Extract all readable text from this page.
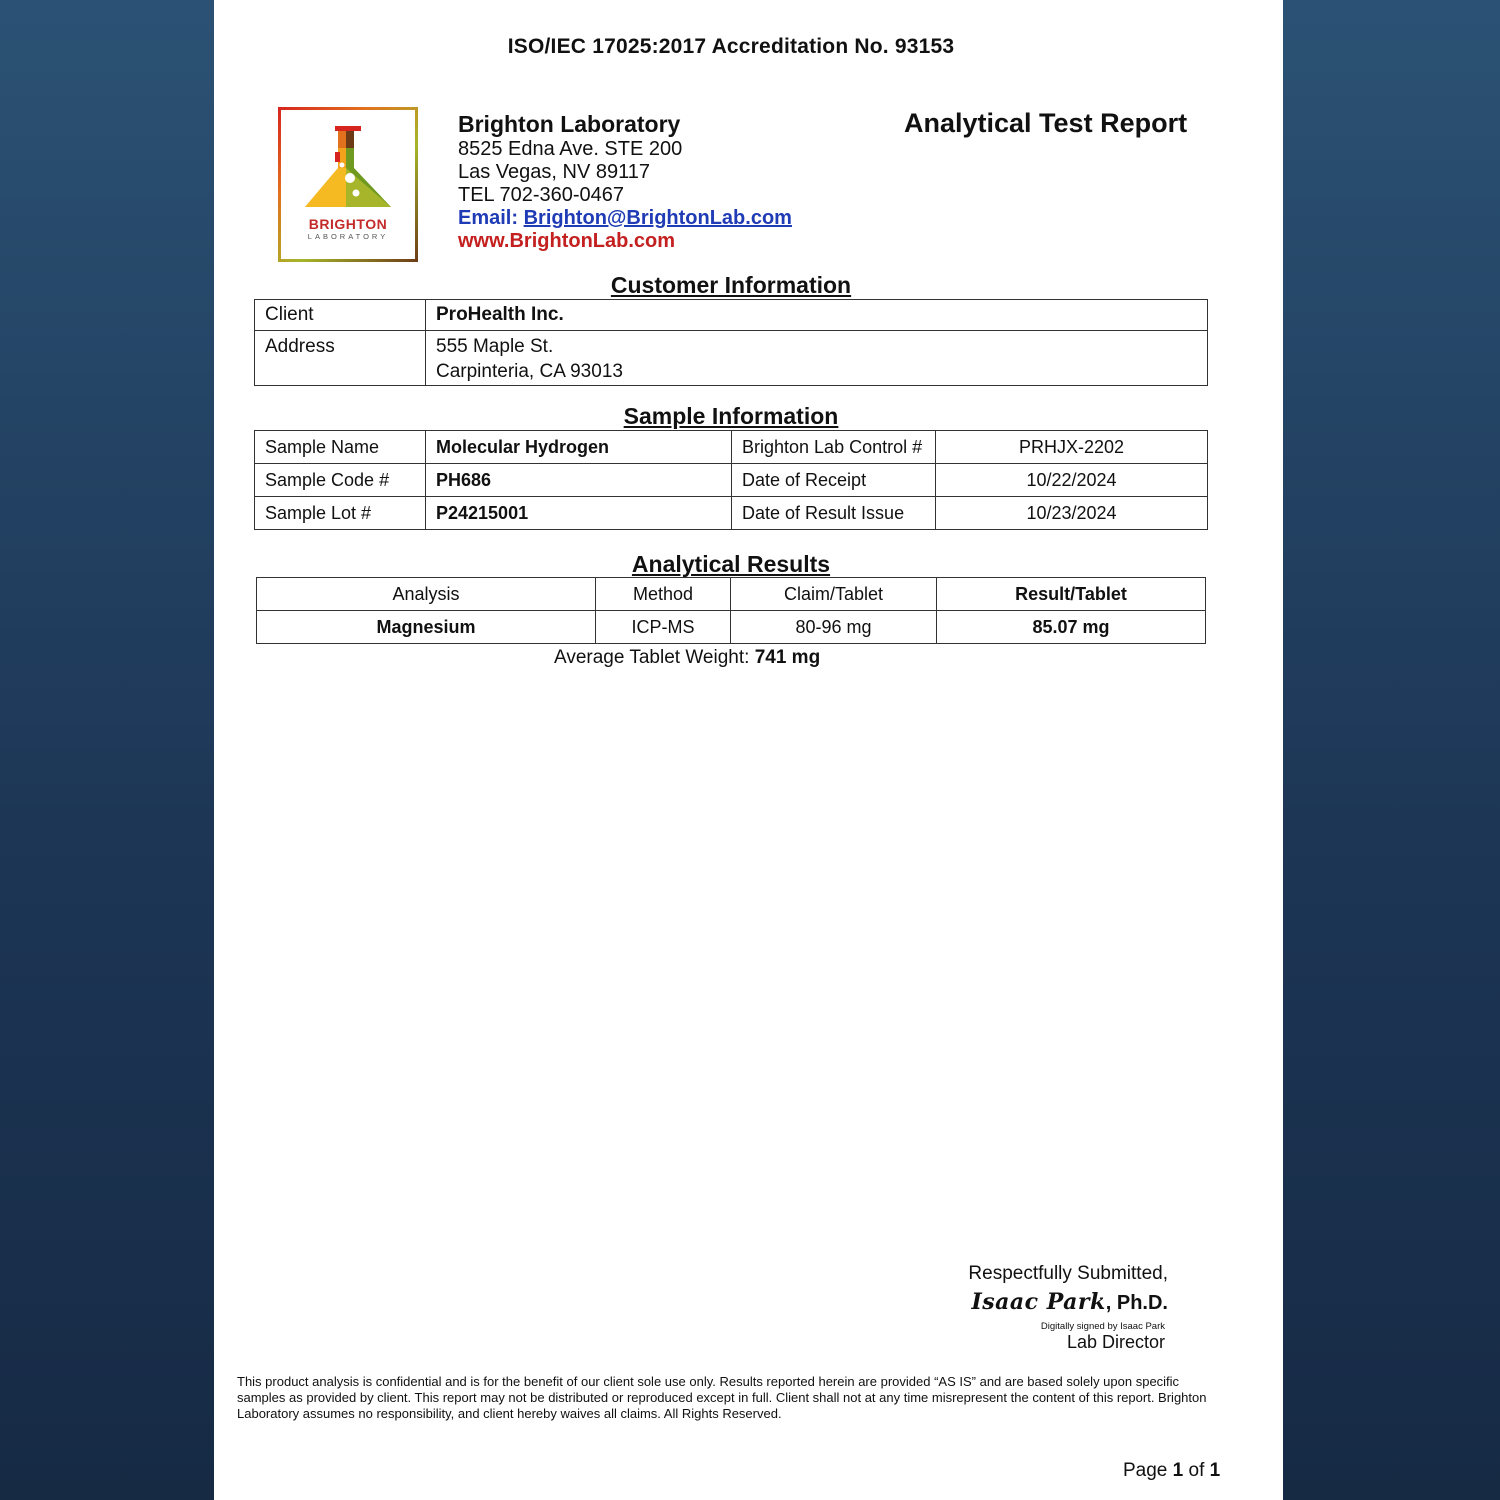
ISO/IEC 17025:2017 Accreditation No. 93153
BRIGHTON
LABORATORY
Brighton Laboratory
8525 Edna Ave. STE 200
Las Vegas, NV 89117
TEL 702-360-0467
Email: Brighton@BrightonLab.com
www.BrightonLab.com
Analytical Test Report
Customer Information
Client	ProHealth Inc.
Address	555 Maple St.
Carpinteria, CA 93013
Sample Information
Sample Name	Molecular Hydrogen	Brighton Lab Control #	PRHJX-2202
Sample Code #	PH686	Date of Receipt	10/22/2024
Sample Lot #	P24215001	Date of Result Issue	10/23/2024
Analytical Results
Analysis	Method	Claim/Tablet	Result/Tablet
Magnesium	ICP-MS	80-96 mg	85.07 mg
Average Tablet Weight: 741 mg
Respectfully Submitted,
Isaac Park, Ph.D.
Digitally signed by Isaac Park
Lab Director
This product analysis is confidential and is for the benefit of our client sole use only. Results reported herein are provided “AS IS” and are based solely upon specific samples as provided by client. This report may not be distributed or reproduced except in full. Client shall not at any time misrepresent the content of this report. Brighton Laboratory assumes no responsibility, and client hereby waives all claims. All Rights Reserved.
Page 1 of 1
